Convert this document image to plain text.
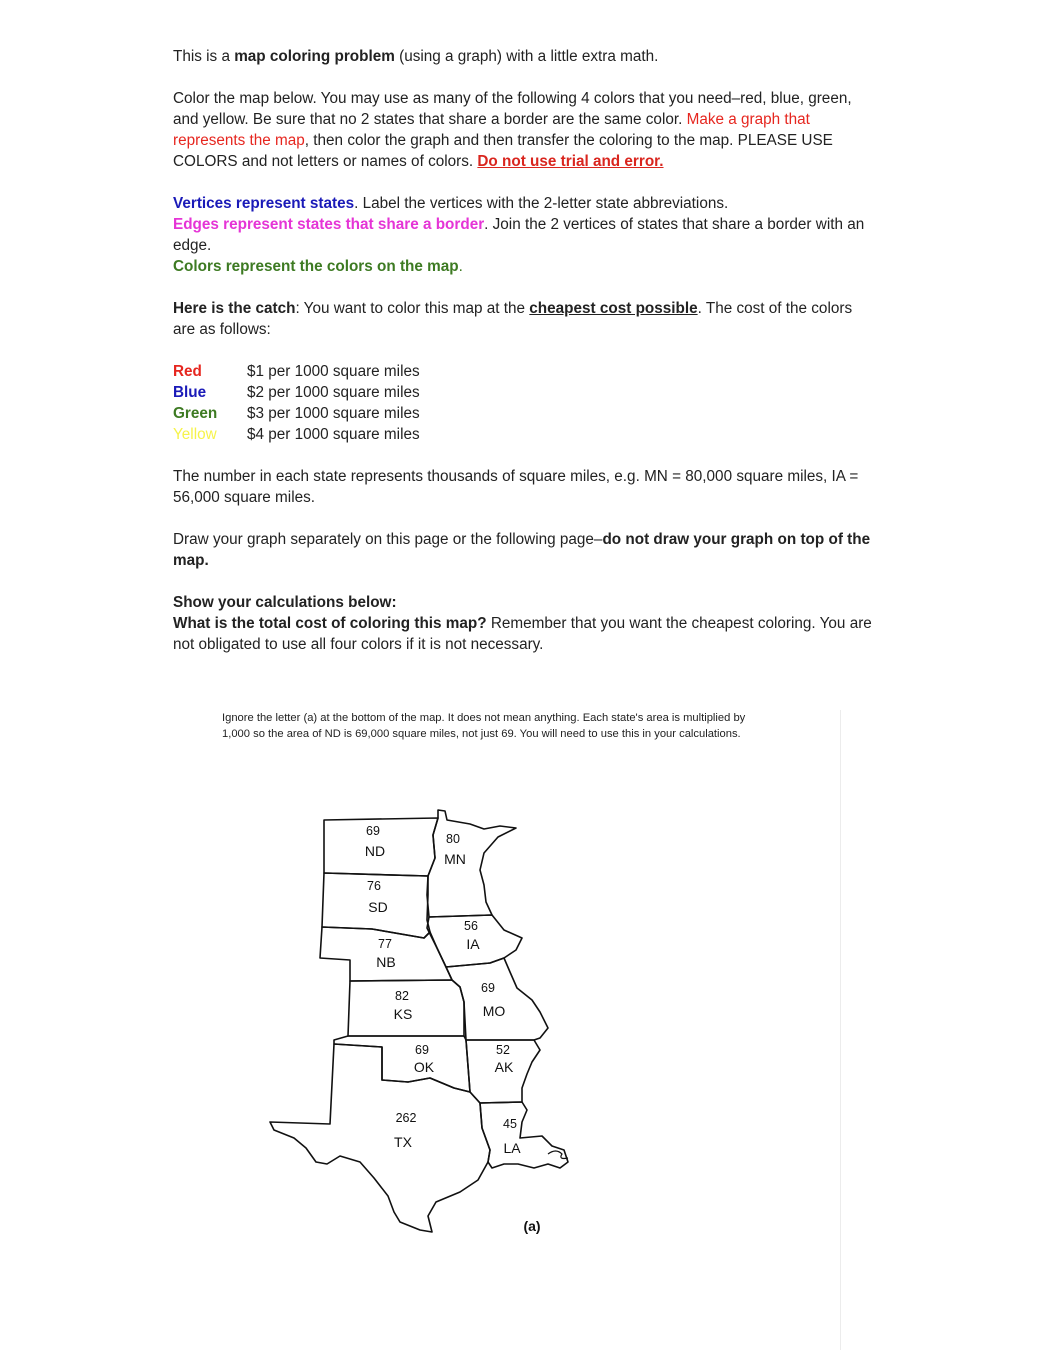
This is a map coloring problem (using a graph) with a little extra math.

Color the map below. You may use as many of the following 4 colors that you need–red, blue, green, and yellow. Be sure that no 2 states that share a border are the same color. Make a graph that represents the map, then color the graph and then transfer the coloring to the map. PLEASE USE COLORS and not letters or names of colors. Do not use trial and error.

Vertices represent states. Label the vertices with the 2-letter state abbreviations.

Edges represent states that share a border. Join the 2 vertices of states that share a border with an edge.

Colors represent the colors on the map.

Here is the catch: You want to color this map at the cheapest cost possible. The cost of the colors are as follows:

Red	$1 per 1000 square miles
Blue	$2 per 1000 square miles
Green	$3 per 1000 square miles
Yellow	$4 per 1000 square miles

The number in each state represents thousands of square miles, e.g. MN = 80,000 square miles, IA = 56,000 square miles.

Draw your graph separately on this page or the following page–do not draw your graph on top of the map.

Show your calculations below:

What is the total cost of coloring this map? Remember that you want the cheapest coloring. You are not obligated to use all four colors if it is not necessary.

Ignore the letter (a) at the bottom of the map. It does not mean anything. Each state's area is multiplied by 1,000 so the area of ND is 69,000 square miles, not just 69. You will need to use this in your calculations.
69
ND
80
MN
76
SD
56
IA
77
NB
82
KS
69
MO
69
OK
52
AK
262
TX
45
LA
(a)
